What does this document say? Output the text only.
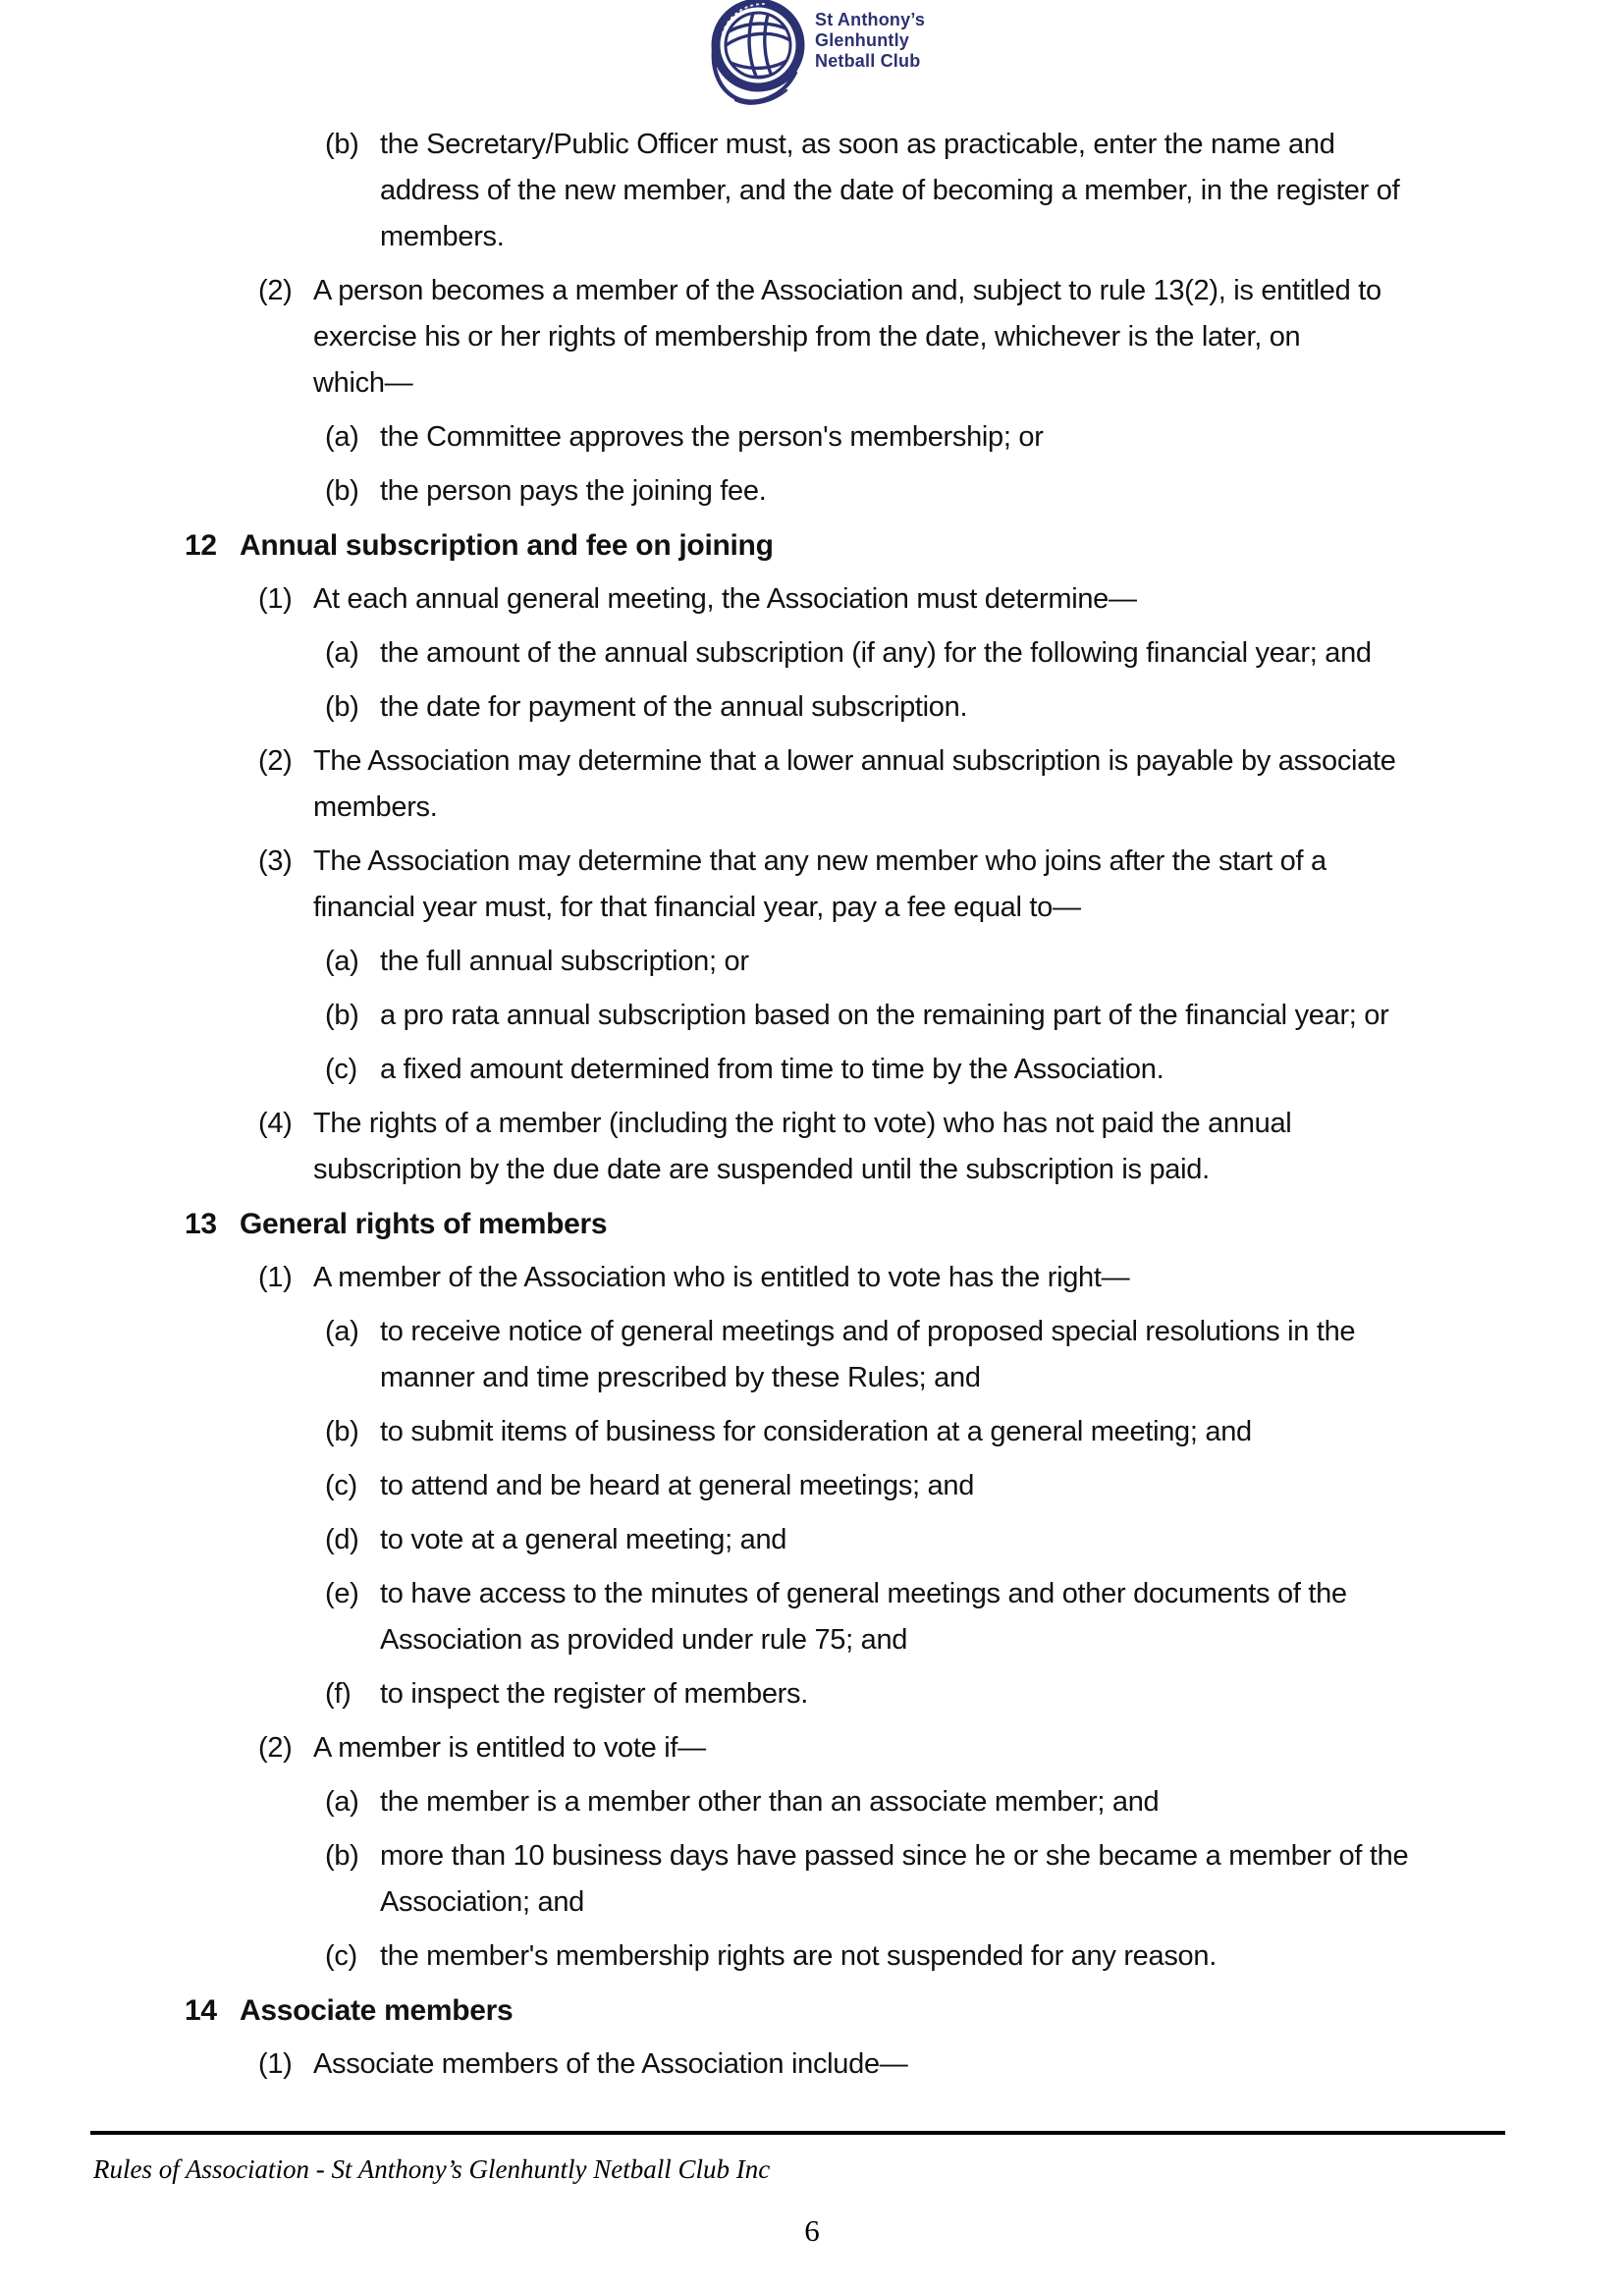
St Anthony’s
Glenhuntly
Netball Club
(b) the Secretary/Public Officer must, as soon as practicable, enter the name and
address of the new member, and the date of becoming a member, in the register of
members.
(2) A person becomes a member of the Association and, subject to rule 13(2), is entitled to
exercise his or her rights of membership from the date, whichever is the later, on
which—
(a) the Committee approves the person's membership; or
(b) the person pays the joining fee.
12 Annual subscription and fee on joining
(1) At each annual general meeting, the Association must determine—
(a) the amount of the annual subscription (if any) for the following financial year; and
(b) the date for payment of the annual subscription.
(2) The Association may determine that a lower annual subscription is payable by associate
members.
(3) The Association may determine that any new member who joins after the start of a
financial year must, for that financial year, pay a fee equal to—
(a) the full annual subscription; or
(b) a pro rata annual subscription based on the remaining part of the financial year; or
(c) a fixed amount determined from time to time by the Association.
(4) The rights of a member (including the right to vote) who has not paid the annual
subscription by the due date are suspended until the subscription is paid.
13 General rights of members
(1) A member of the Association who is entitled to vote has the right—
(a) to receive notice of general meetings and of proposed special resolutions in the
manner and time prescribed by these Rules; and
(b) to submit items of business for consideration at a general meeting; and
(c) to attend and be heard at general meetings; and
(d) to vote at a general meeting; and
(e) to have access to the minutes of general meetings and other documents of the
Association as provided under rule 75; and
(f)	to inspect the register of members.
(2) A member is entitled to vote if—
(a) the member is a member other than an associate member; and
(b) more than 10 business days have passed since he or she became a member of the
Association; and
(c) the member's membership rights are not suspended for any reason.
14 Associate members
(1) Associate members of the Association include—
Rules of Association - St Anthony’s Glenhuntly Netball Club Inc
6
